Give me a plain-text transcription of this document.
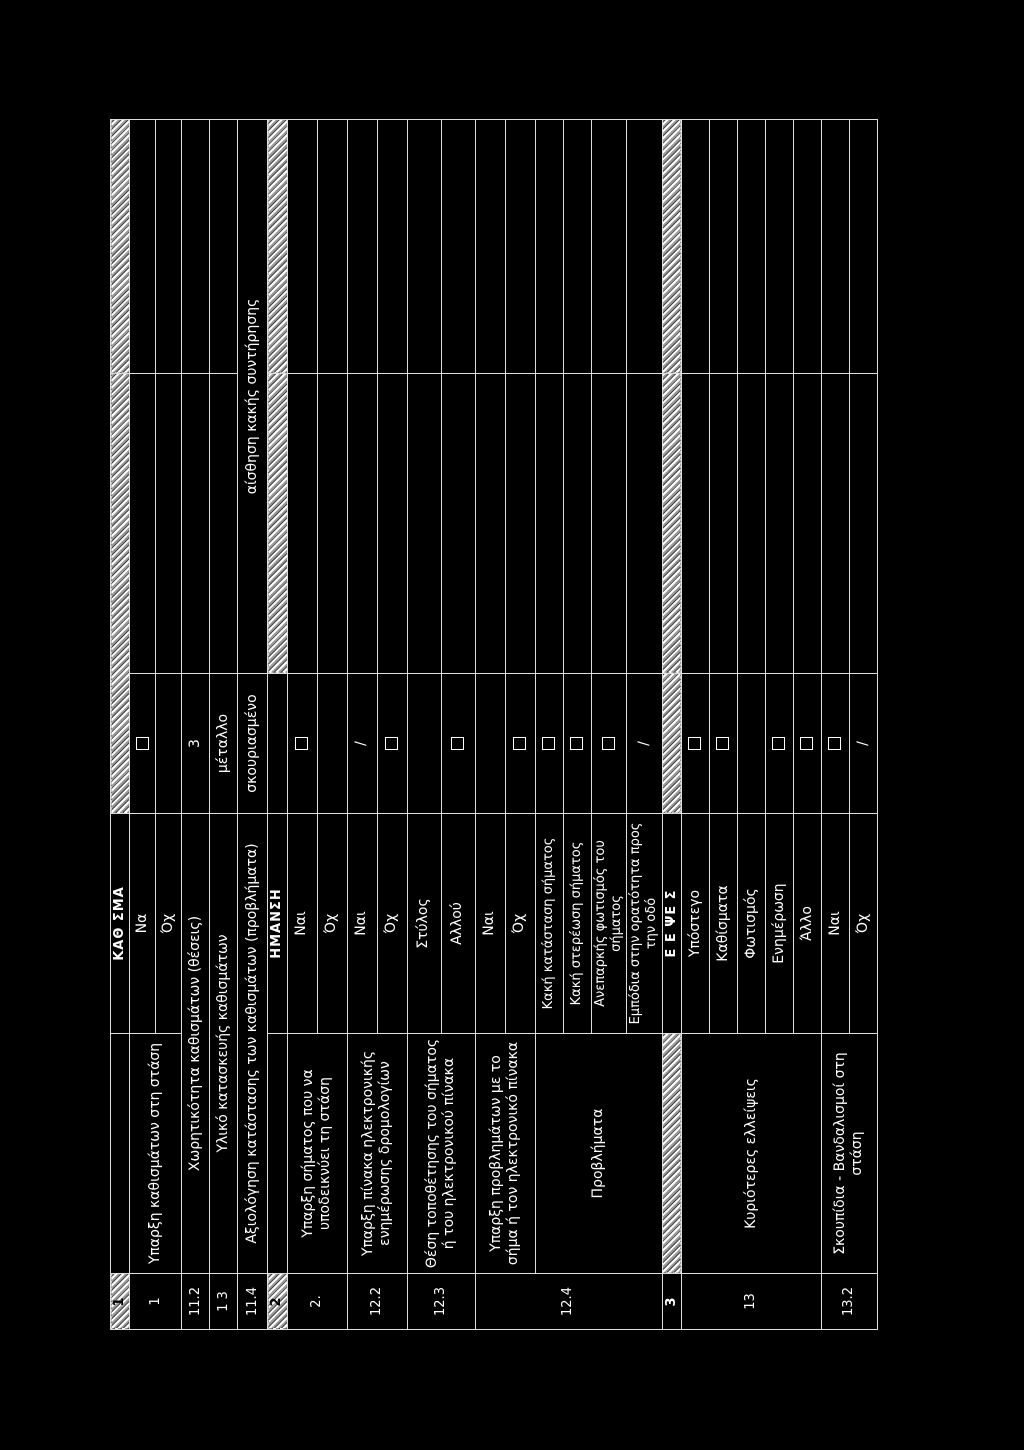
1		ΚΑΘ ΣΜΑ			
1	Υπαρξη καθισμάτων στη στάση	Να			
		Όχ			
11.2	Χωρητικότητα καθισμάτων (θέσεις)		3		
1 3	Υλικό κατασκευής καθισμάτων		μέταλλο		
11.4	Αξιολόγηση κατάστασης των καθισμάτων (προβλήματα)		σκουριασμένο	αίσθηση κακής συντήρησης	
2		ΗΜΑΝΣΗ			
2.	Υπαρξη σήματος που να υποδεικνύει τη στάση	Ναι			
		Όχ			
12.2	Υπαρξη πίνακα ηλεκτρονικής ενημέρωσης δρομολογίων	Ναι	/		
		Όχ			
12.3	Θέση τοποθέτησης του σήματος ή του ηλεκτρονικού πίνακα	Στύλος			
		Αλλού			
12.4	Υπαρξη προβλημάτων με το σήμα ή τον ηλεκτρονικό πίνακα	Ναι			
		Όχ			
	Προβλήματα	Κακή κατάσταση σήματος			
		Κακή στερέωση σήματος			
		Ανεπαρκής φωτισμός του σήματος			
		Εμπόδια στην ορατότητα προς την οδό	/		
3		Ε Ε ΨΕ Σ			
13	Κυριότερες ελλείψεις	Υπόστεγο			
		Καθίσματα			
		Φωτισμός			
		Ενημέρωση			
		Άλλο			
13.2	Σκουπίδια - Βανδαλισμοί στη στάση	Ναι			
		Όχ	/		
